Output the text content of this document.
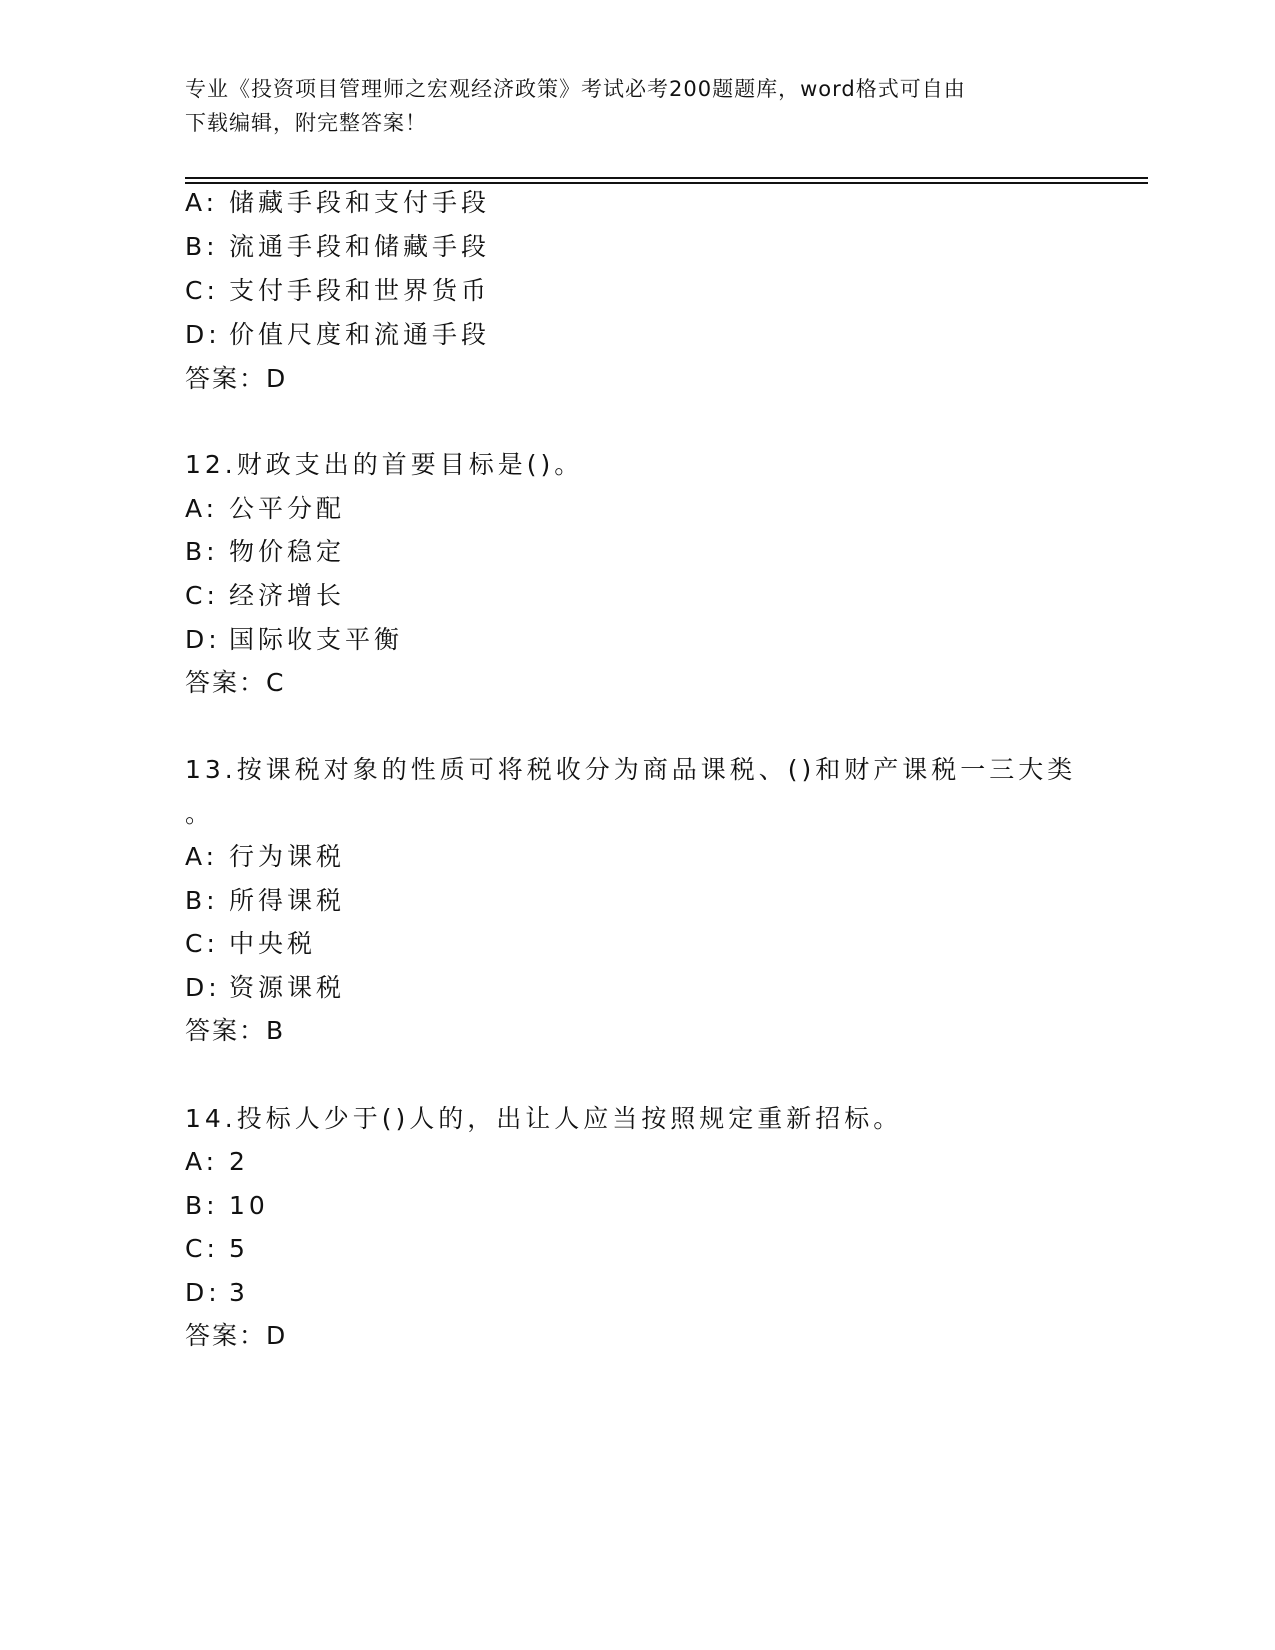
专业《投资项目管理师之宏观经济政策》考试必考200题题库，word格式可自由
下载编辑，附完整答案！
A: 储藏手段和支付手段
B: 流通手段和储藏手段
C: 支付手段和世界货币
D: 价值尺度和流通手段
答案：D
12.财政支出的首要目标是()。
A: 公平分配
B: 物价稳定
C: 经济增长
D: 国际收支平衡
答案：C
13.按课税对象的性质可将税收分为商品课税、()和财产课税一三大类
。
A: 行为课税
B: 所得课税
C: 中央税
D: 资源课税
答案：B
14.投标人少于()人的，出让人应当按照规定重新招标。
A: 2
B: 10
C: 5
D: 3
答案：D
